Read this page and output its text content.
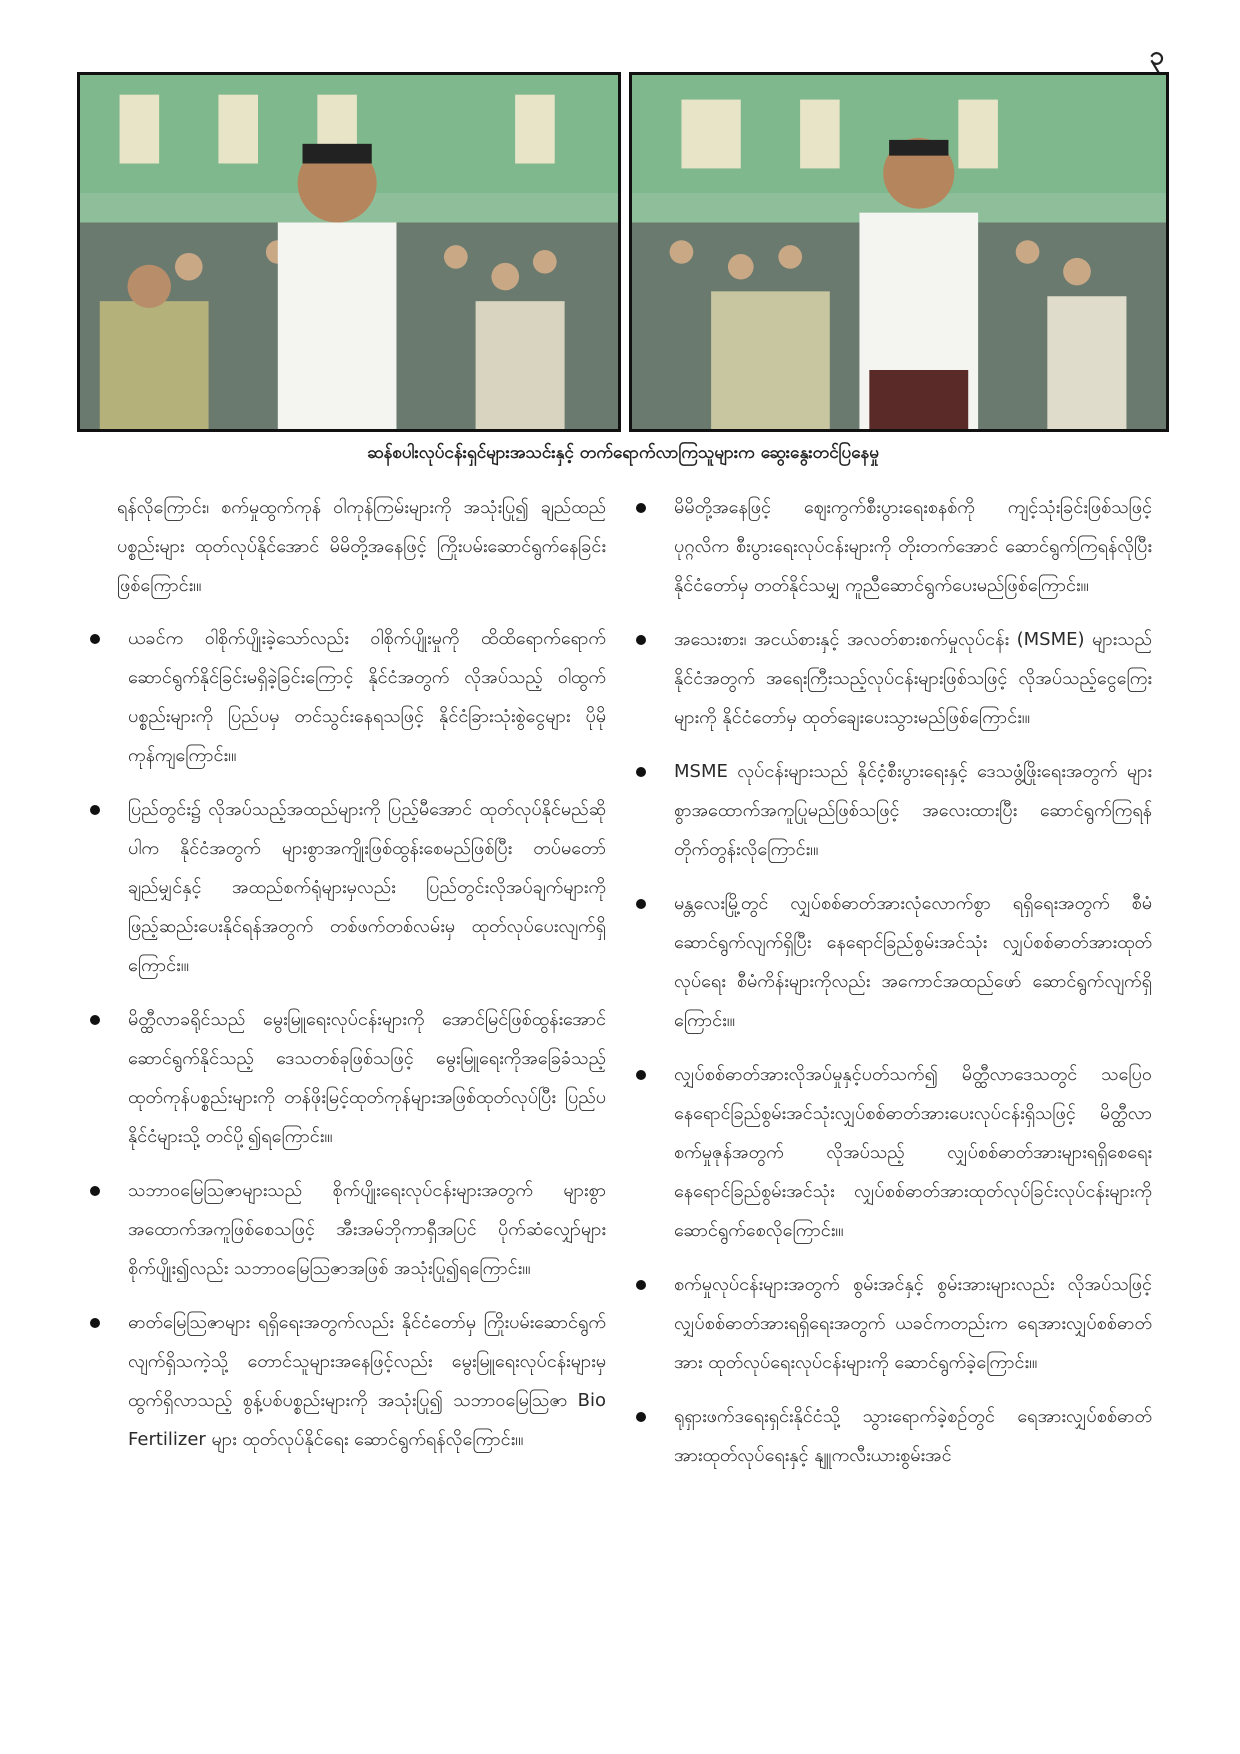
၃
ဆန်စပါးလုပ်ငန်းရှင်များအသင်းနှင့် တက်ရောက်လာကြသူများက ဆွေးနွေးတင်ပြနေမှု

ရန်လိုကြောင်း၊ စက်မှုထွက်ကုန် ဝါကုန်ကြမ်းများကို အသုံးပြု၍ ချည်ထည်ပစ္စည်းများ ထုတ်လုပ်နိုင်အောင် မိမိတို့အနေဖြင့် ကြိုးပမ်းဆောင်ရွက်နေခြင်းဖြစ်ကြောင်း၊။

ယခင်က ဝါစိုက်ပျိုးခဲ့သော်လည်း ဝါစိုက်ပျိုးမှုကို ထိထိရောက်ရောက် ဆောင်ရွက်နိုင်ခြင်းမရှိခဲ့ခြင်းကြောင့် နိုင်ငံအတွက် လိုအပ်သည့် ဝါထွက်ပစ္စည်းများကို ပြည်ပမှ တင်သွင်းနေရသဖြင့် နိုင်ငံခြားသုံးစွဲငွေများ ပိုမိုကုန်ကျကြောင်း၊။
ပြည်တွင်း၌ လိုအပ်သည့်အထည်များကို ပြည့်မီအောင် ထုတ်လုပ်နိုင်မည်ဆိုပါက နိုင်ငံအတွက် များစွာအကျိုးဖြစ်ထွန်းစေမည်ဖြစ်ပြီး တပ်မတော်ချည်မျှင်နှင့် အထည်စက်ရုံများမှလည်း ပြည်တွင်းလိုအပ်ချက်များကို ဖြည့်ဆည်းပေးနိုင်ရန်အတွက် တစ်ဖက်တစ်လမ်းမှ ထုတ်လုပ်ပေးလျက်ရှိကြောင်း၊။
မိတ္ထီလာခရိုင်သည် မွေးမြူရေးလုပ်ငန်းများကို အောင်မြင်ဖြစ်ထွန်းအောင် ဆောင်ရွက်နိုင်သည့် ဒေသတစ်ခုဖြစ်သဖြင့် မွေးမြူရေးကိုအခြေခံသည့် ထုတ်ကုန်ပစ္စည်းများကို တန်ဖိုးမြင့်ထုတ်ကုန်များအဖြစ်ထုတ်လုပ်ပြီး ပြည်ပနိုင်ငံများသို့ တင်ပို့၍ရကြောင်း၊။
သဘာဝမြေဩဇာများသည် စိုက်ပျိုးရေးလုပ်ငန်းများအတွက် များစွာအထောက်အကူဖြစ်စေသဖြင့် အီးအမ်ဘိုကာရှီအပြင် ပိုက်ဆံလျှော်များစိုက်ပျိုး၍လည်း သဘာဝမြေဩဇာအဖြစ် အသုံးပြု၍ရကြောင်း၊။
ဓာတ်မြေဩဇာများ ရရှိရေးအတွက်လည်း နိုင်ငံတော်မှ ကြိုးပမ်းဆောင်ရွက်လျက်ရှိသကဲ့သို့ တောင်သူများအနေဖြင့်လည်း မွေးမြူရေးလုပ်ငန်းများမှ ထွက်ရှိလာသည့် စွန့်ပစ်ပစ္စည်းများကို အသုံးပြု၍ သဘာဝမြေဩဇာ Bio Fertilizer များ ထုတ်လုပ်နိုင်ရေး ဆောင်ရွက်ရန်လိုကြောင်း၊။
မိမိတို့အနေဖြင့် ဈေးကွက်စီးပွားရေးစနစ်ကို ကျင့်သုံးခြင်းဖြစ်သဖြင့် ပုဂ္ဂလိက စီးပွားရေးလုပ်ငန်းများကို တိုးတက်အောင် ဆောင်ရွက်ကြရန်လိုပြီး နိုင်ငံတော်မှ တတ်နိုင်သမျှ ကူညီဆောင်ရွက်ပေးမည်ဖြစ်ကြောင်း၊။
အသေးစား၊ အငယ်စားနှင့် အလတ်စားစက်မှုလုပ်ငန်း (MSME) များသည် နိုင်ငံအတွက် အရေးကြီးသည့်လုပ်ငန်းများဖြစ်သဖြင့် လိုအပ်သည့်ငွေကြေးများကို နိုင်ငံတော်မှ ထုတ်ချေးပေးသွားမည်ဖြစ်ကြောင်း၊။
MSME လုပ်ငန်းများသည် နိုင်ငံ့စီးပွားရေးနှင့် ဒေသဖွံ့ဖြိုးရေးအတွက် များစွာအထောက်အကူပြုမည်ဖြစ်သဖြင့် အလေးထားပြီး ဆောင်ရွက်ကြရန် တိုက်တွန်းလိုကြောင်း၊။
မန္တလေးမြို့တွင် လျှပ်စစ်ဓာတ်အားလုံလောက်စွာ ရရှိရေးအတွက် စီမံဆောင်ရွက်လျက်ရှိပြီး နေရောင်ခြည်စွမ်းအင်သုံး လျှပ်စစ်ဓာတ်အားထုတ်လုပ်ရေး စီမံကိန်းများကိုလည်း အကောင်အထည်ဖော် ဆောင်ရွက်လျက်ရှိကြောင်း၊။
လျှပ်စစ်ဓာတ်အားလိုအပ်မှုနှင့်ပတ်သက်၍ မိတ္ထီလာဒေသတွင် သပြေဝနေရောင်ခြည်စွမ်းအင်သုံးလျှပ်စစ်ဓာတ်အားပေးလုပ်ငန်းရှိသဖြင့် မိတ္ထီလာစက်မှုဇုန်အတွက် လိုအပ်သည့် လျှပ်စစ်ဓာတ်အားများရရှိစေရေး နေရောင်ခြည်စွမ်းအင်သုံး လျှပ်စစ်ဓာတ်အားထုတ်လုပ်ခြင်းလုပ်ငန်းများကို ဆောင်ရွက်စေလိုကြောင်း၊။
စက်မှုလုပ်ငန်းများအတွက် စွမ်းအင်နှင့် စွမ်းအားများလည်း လိုအပ်သဖြင့် လျှပ်စစ်ဓာတ်အားရရှိရေးအတွက် ယခင်ကတည်းက ရေအားလျှပ်စစ်ဓာတ်အား ထုတ်လုပ်ရေးလုပ်ငန်းများကို ဆောင်ရွက်ခဲ့ကြောင်း၊။
ရုရှားဖက်ဒရေးရှင်းနိုင်ငံသို့ သွားရောက်ခဲ့စဉ်တွင် ရေအားလျှပ်စစ်ဓာတ်အားထုတ်လုပ်ရေးနှင့် နျူကလီးယားစွမ်းအင်
